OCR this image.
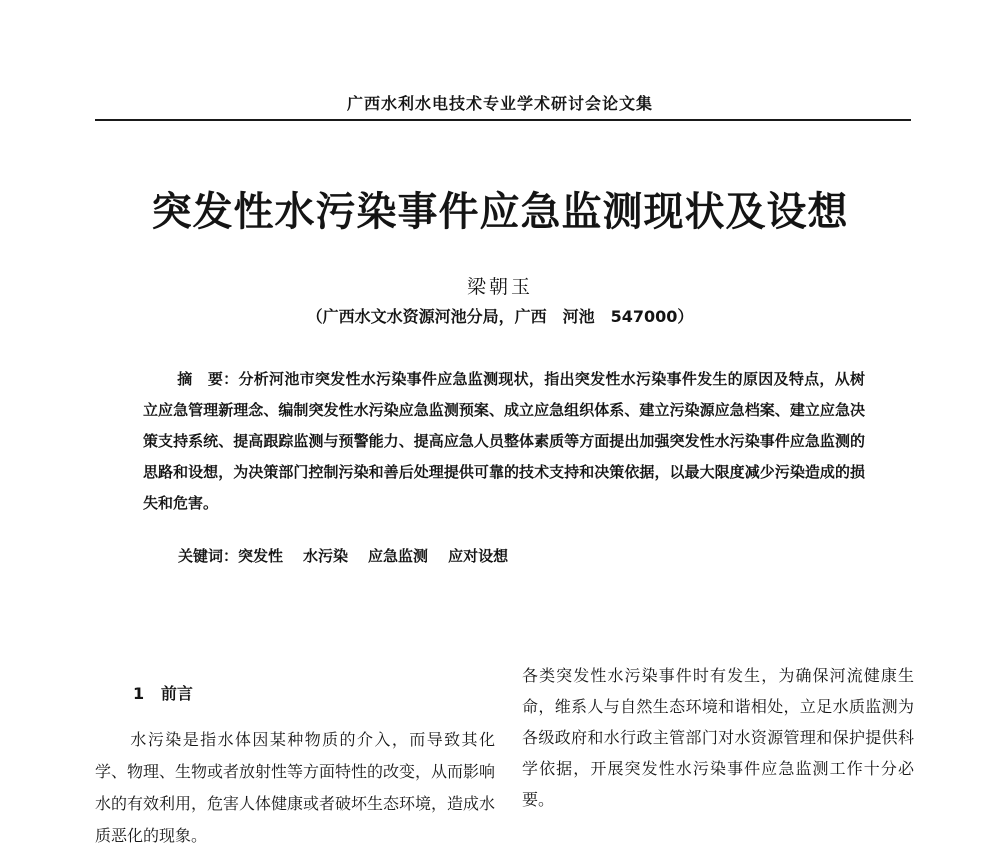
广西水利水电技术专业学术研讨会论文集
突发性水污染事件应急监测现状及设想
梁朝玉
（广西水文水资源河池分局，广西　河池　547000）
摘　要：分析河池市突发性水污染事件应急监测现状，指出突发性水污染事件发生的原因及特点，从树立应急管理新理念、编制突发性水污染应急监测预案、成立应急组织体系、建立污染源应急档案、建立应急决策支持系统、提高跟踪监测与预警能力、提高应急人员整体素质等方面提出加强突发性水污染事件应急监测的思路和设想，为决策部门控制污染和善后处理提供可靠的技术支持和决策依据，以最大限度减少污染造成的损失和危害。
关键词：突发性 水污染 应急监测 应对设想
1 前言
水污染是指水体因某种物质的介入，而导致其化学、物理、生物或者放射性等方面特性的改变，从而影响水的有效利用，危害人体健康或者破坏生态环境，造成水质恶化的现象。
各类突发性水污染事件时有发生，为确保河流健康生命，维系人与自然生态环境和谐相处，立足水质监测为各级政府和水行政主管部门对水资源管理和保护提供科学依据，开展突发性水污染事件应急监测工作十分必要。
